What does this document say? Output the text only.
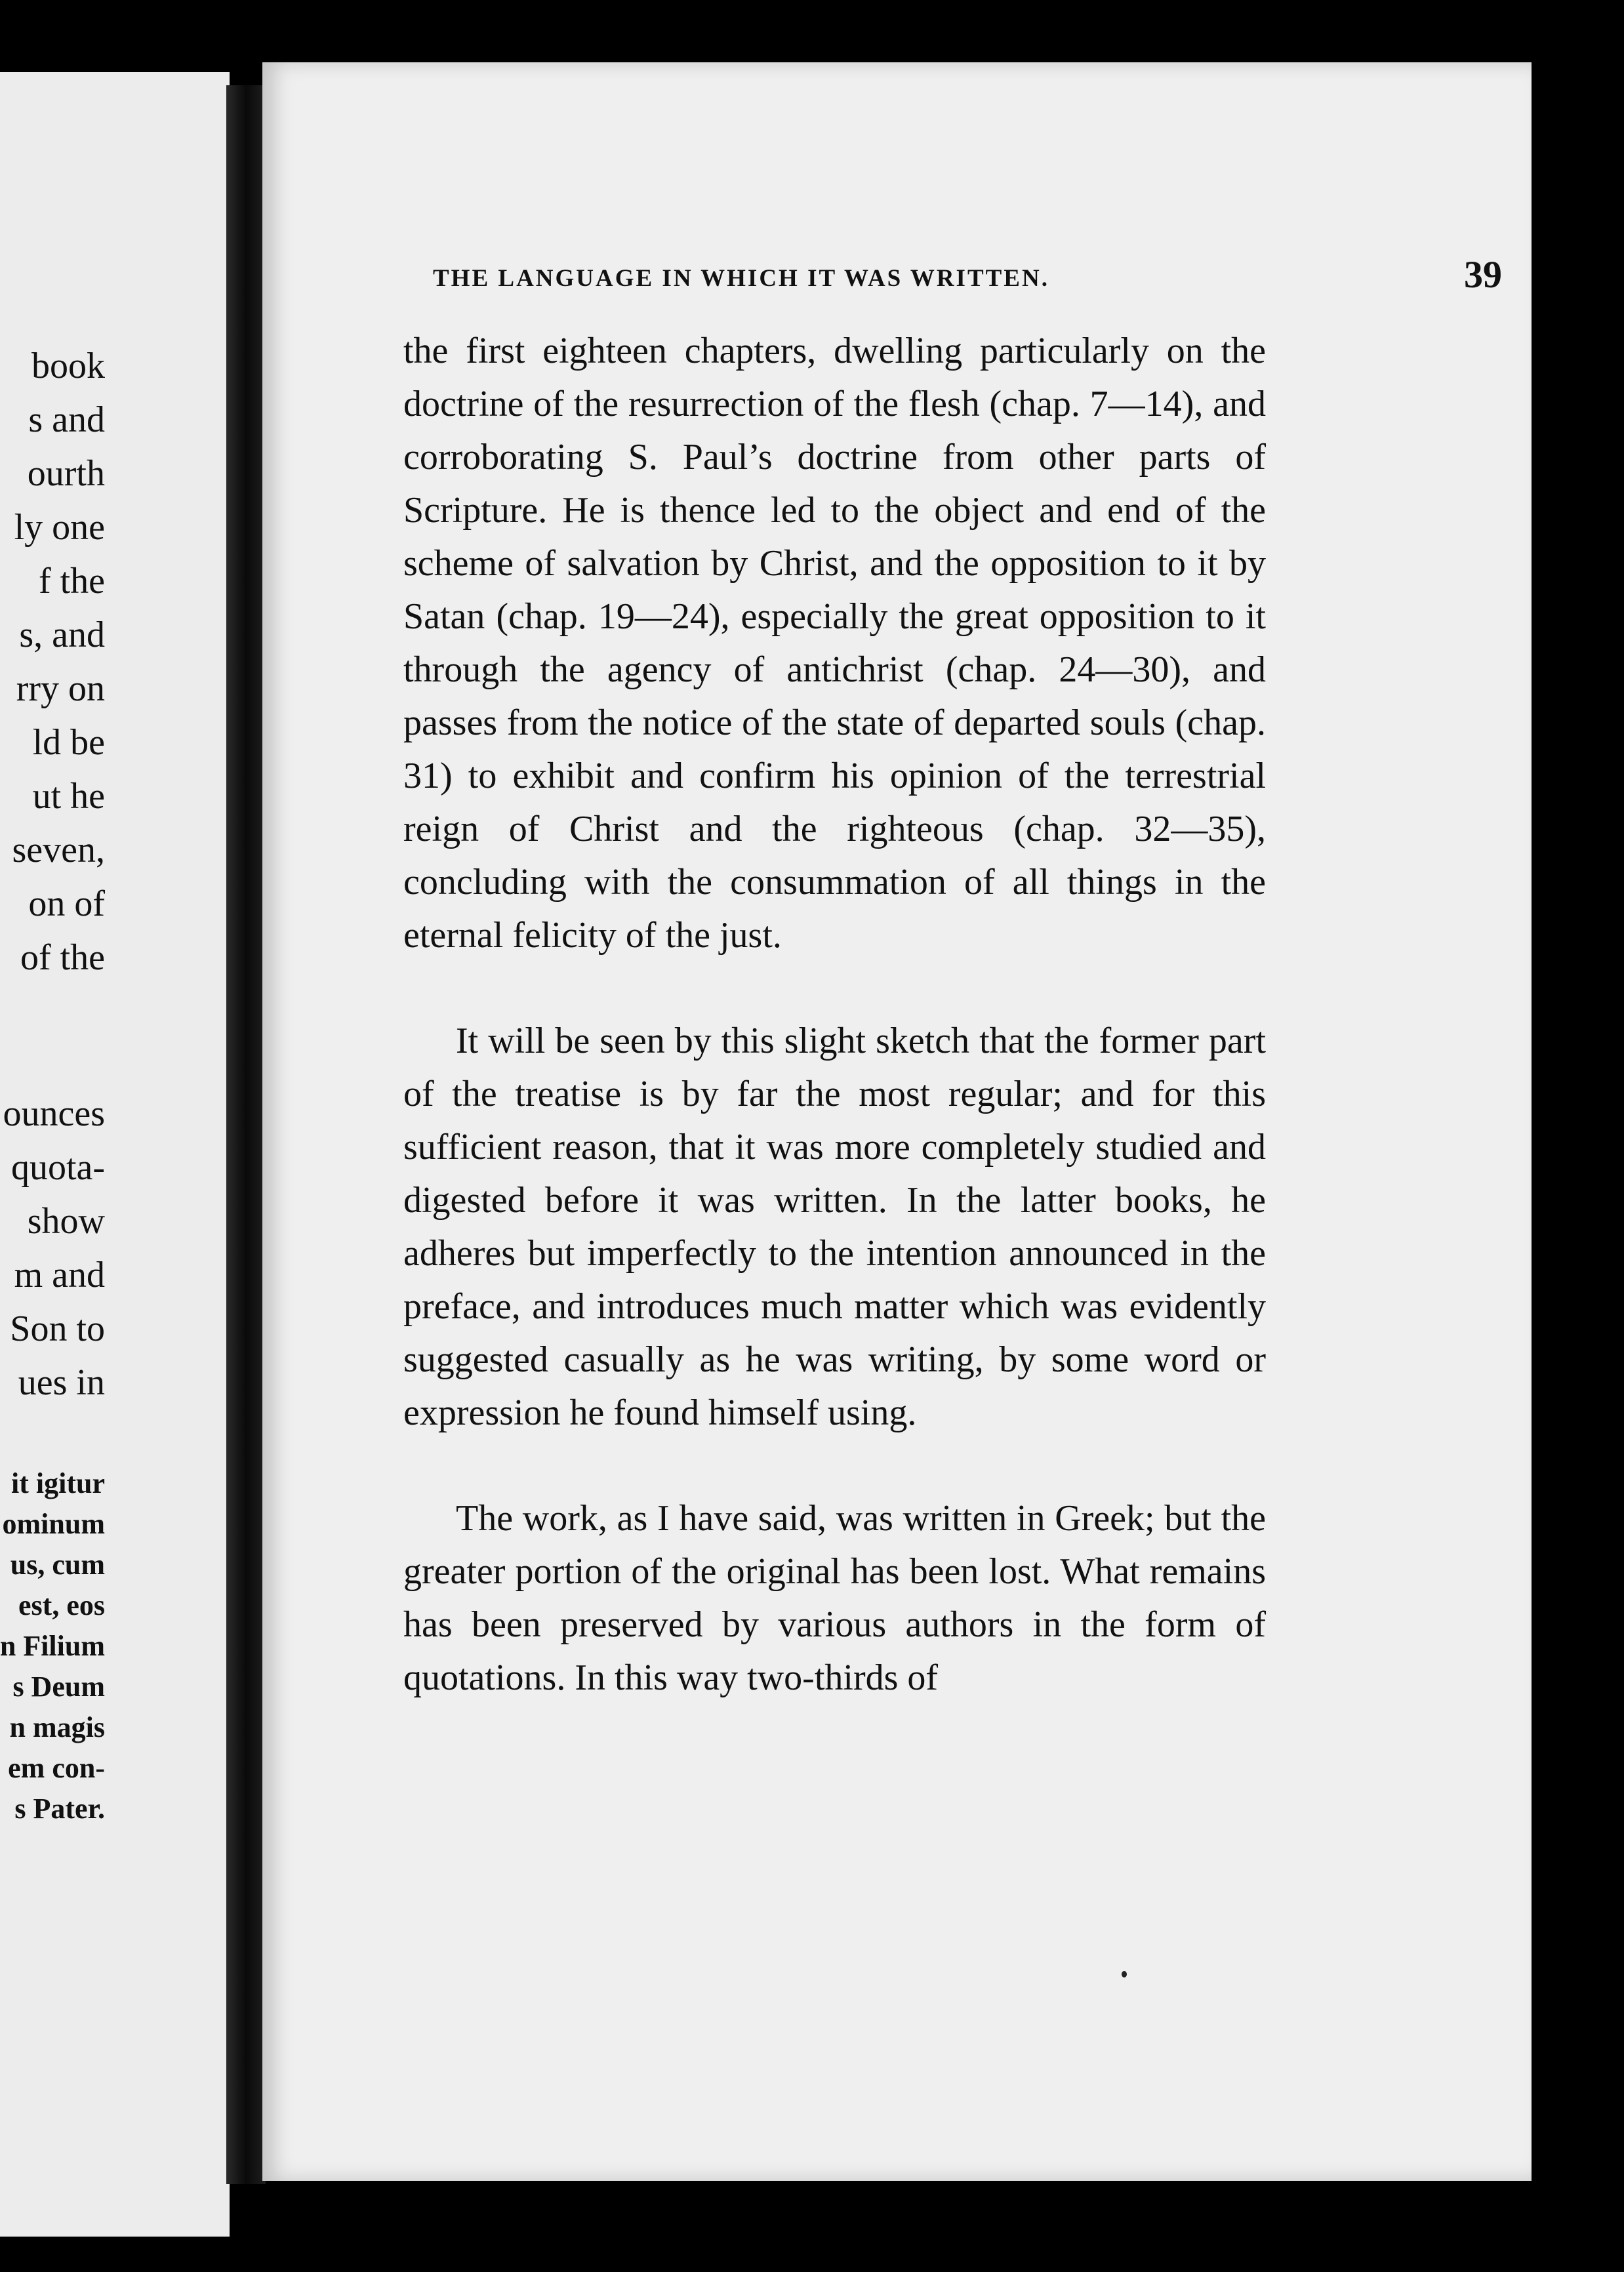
book
s and
ourth
ly one
f the
s, and
rry on
ld be
ut he
seven,
on of
of the
ounces
quota-
show
m and
Son to
ues in
it igitur
ominum
us, cum
est, eos
n Filium
s Deum
n magis
em con-
s Pater.
THE LANGUAGE IN WHICH IT WAS WRITTEN.	39

the first eighteen chapters, dwelling particularly on the doctrine of the resurrection of the flesh (chap. 7—14), and corroborating S. Paul’s doctrine from other parts of Scripture. He is thence led to the object and end of the scheme of salvation by Christ, and the opposition to it by Satan (chap. 19—24), especially the great opposition to it through the agency of antichrist (chap. 24—30), and passes from the notice of the state of departed souls (chap. 31) to exhibit and confirm his opinion of the terrestrial reign of Christ and the righteous (chap. 32—35), concluding with the consummation of all things in the eternal felicity of the just.

It will be seen by this slight sketch that the former part of the treatise is by far the most regular; and for this sufficient reason, that it was more completely studied and digested before it was written. In the latter books, he adheres but imperfectly to the intention announced in the preface, and introduces much matter which was evidently suggested casually as he was writing, by some word or expression he found himself using.

The work, as I have said, was written in Greek; but the greater portion of the original has been lost. What remains has been preserved by various authors in the form of quotations. In this way two-thirds of
